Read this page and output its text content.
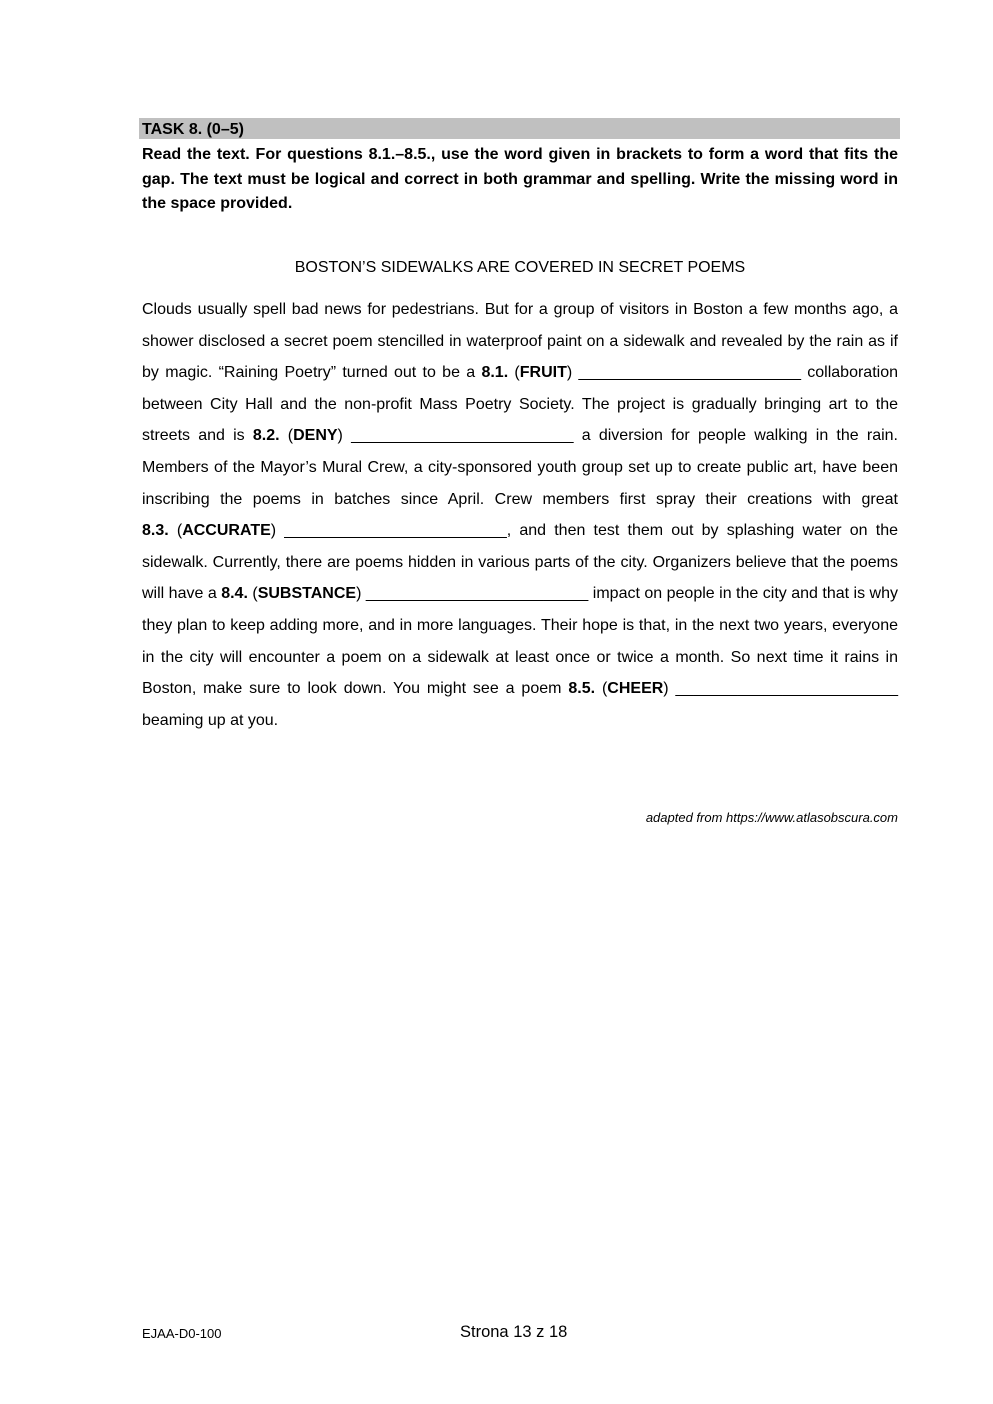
TASK 8. (0–5)

Read the text. For questions 8.1.–8.5., use the word given in brackets to form a word that fits the gap. The text must be logical and correct in both grammar and spelling. Write the missing word in the space provided.

BOSTON’S SIDEWALKS ARE COVERED IN SECRET POEMS

Clouds usually spell bad news for pedestrians. But for a group of visitors in Boston a few months ago, a shower disclosed a secret poem stencilled in waterproof paint on a sidewalk and revealed by the rain as if by magic. “Raining Poetry” turned out to be a 8.1. (FRUIT) _________________________ collaboration between City Hall and the non-profit Mass Poetry Society. The project is gradually bringing art to the streets and is 8.2. (DENY) _________________________ a diversion for people walking in the rain. Members of the Mayor’s Mural Crew, a city-sponsored youth group set up to create public art, have been inscribing the poems in batches since April. Crew members first spray their creations with great 8.3. (ACCURATE) _________________________, and then test them out by splashing water on the sidewalk. Currently, there are poems hidden in various parts of the city. Organizers believe that the poems will have a 8.4. (SUBSTANCE) _________________________ impact on people in the city and that is why they plan to keep adding more, and in more languages. Their hope is that, in the next two years, everyone in the city will encounter a poem on a sidewalk at least once or twice a month. So next time it rains in Boston, make sure to look down. You might see a poem 8.5. (CHEER) _________________________ beaming up at you.

adapted from https://www.atlasobscura.com

EJAA-D0-100	Strona 13 z 18
